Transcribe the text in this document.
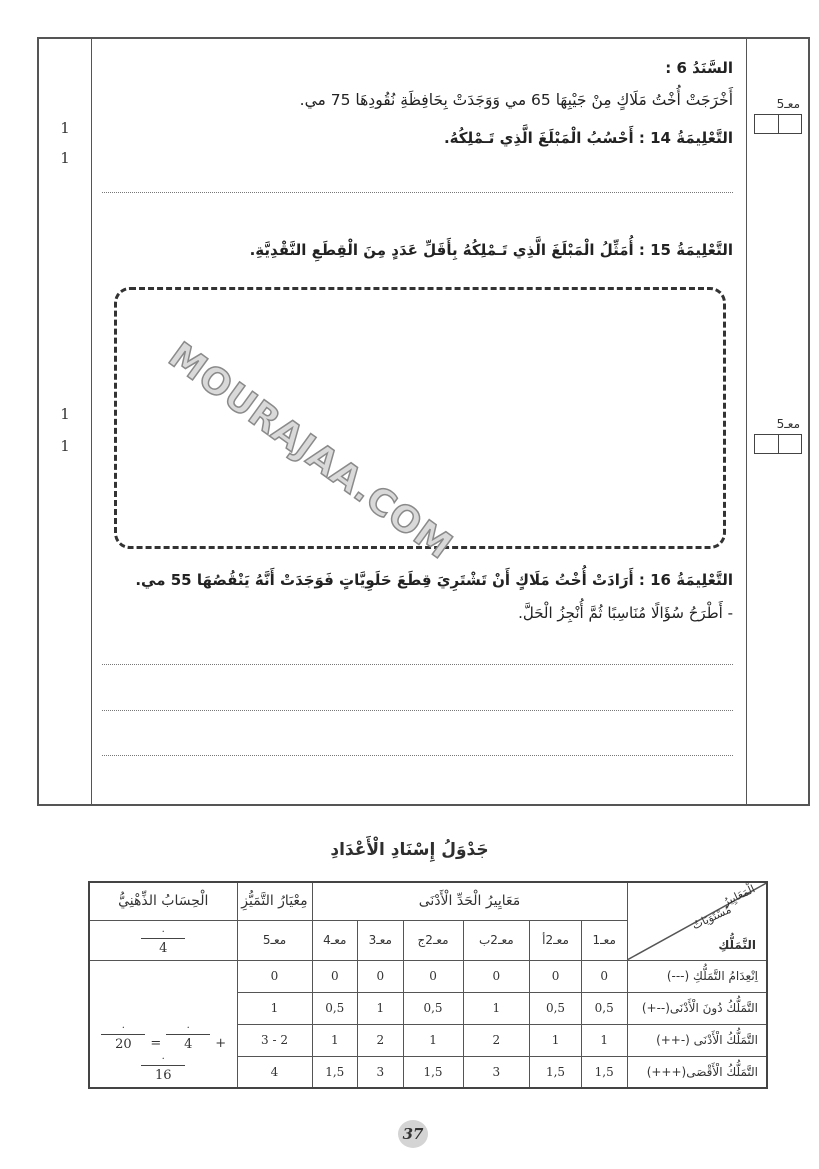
1
1
1
1
السَّنَدُ 6 :
أَخْرَجَتْ أُخْتُ مَلَاكٍ مِنْ جَيْبِهَا 65 مي وَوَجَدَتْ بِحَافِظَةِ نُقُودِهَا 75 مي.
التَّعْلِيمَةُ 14 : أَحْسُبُ الْمَبْلَغَ الَّذِي تَـمْلِكُهُ.
التَّعْلِيمَةُ 15 : أُمَثِّلُ الْمَبْلَغَ الَّذِي تَـمْلِكُهُ بِأَقَلِّ عَدَدٍ مِنَ الْقِطَعِ النَّقْدِيَّةِ.
التَّعْلِيمَةُ 16 : أَرَادَتْ أُخْتُ مَلَاكٍ أَنْ تَشْتَرِيَ قِطَعَ حَلَوِيَّاتٍ فَوَجَدَتْ أَنَّهُ يَنْقُصُهَا 55 مي.
- أَطْرَحُ سُؤَالًا مُنَاسِبًا ثُمَّ أُنْجِزُ الْحَلَّ.
معـ5
معـ5
MOURAJAA.COM
جَدْوَلُ إِسْنَادِ الْأَعْدَادِ
الْحِسَابُ الذِّهْنِيُّ	مِعْيَارُ التَّمَيُّزِ	مَعَايِيرُ الْحَدِّ الْأَدْنَى						الْمَعَايِيرُ
مُسْتَوَيَاتُ
التَّمَلُّكِ

$\frac{.}{4}$	معـ5	معـ4	معـ3	معـ2ج	معـ2ب	معـ2أ	معـ1	

$\frac{.}{20} = \frac{.}{4}$ +
$\frac{.}{16}$
	0	0	0	0	0	0	0	اِنْعِدَامُ التَّمَلُّكِ (---)
	1	0,5	1	0,5	1	0,5	0,5	التَّمَلُّكُ دُونَ الْأَدْنَى(--+)
	3 - 2	1	2	1	2	1	1	التَّمَلُّكُ الْأَدْنَى (-++)
	4	1,5	3	1,5	3	1,5	1,5	التَّمَلُّكُ الْأَقْصَى(+++)
37
